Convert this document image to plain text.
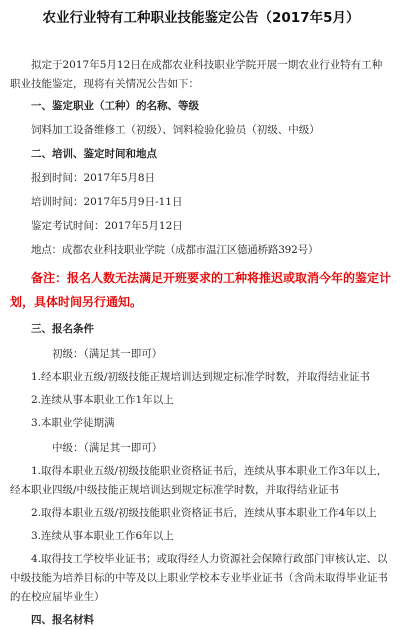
农业行业特有工种职业技能鉴定公告（2017年5月）

拟定于2017年5月12日在成都农业科技职业学院开展一期农业行业特有工种职业技能鉴定，现将有关情况公告如下：

一、鉴定职业（工种）的名称、等级
饲料加工设备维修工（初级）、饲料检验化验员（初级、中级）
二、培训、鉴定时间和地点
报到时间：2017年5月8日
培训时间：2017年5月9日-11日
鉴定考试时间：2017年5月12日
地点：成都农业科技职业学院（成都市温江区德通桥路392号）
备注：报名人数无法满足开班要求的工种将推迟或取消今年的鉴定计划，具体时间另行通知。
三、报名条件
初级：（满足其一即可）
1.经本职业五级/初级技能正规培训达到规定标准学时数，并取得结业证书
2.连续从事本职业工作1年以上
3.本职业学徒期满
中级：（满足其一即可）
1.取得本职业五级/初级技能职业资格证书后，连续从事本职业工作3年以上，经本职业四级/中级技能正规培训达到规定标准学时数，并取得结业证书
2.取得本职业五级/初级技能职业资格证书后，连续从事本职业工作4年以上
3.连续从事本职业工作6年以上
4.取得技工学校毕业证书；或取得经人力资源社会保障行政部门审核认定、以中级技能为培养目标的中等及以上职业学校本专业毕业证书（含尚未取得毕业证书的在校应届毕业生）
四、报名材料
